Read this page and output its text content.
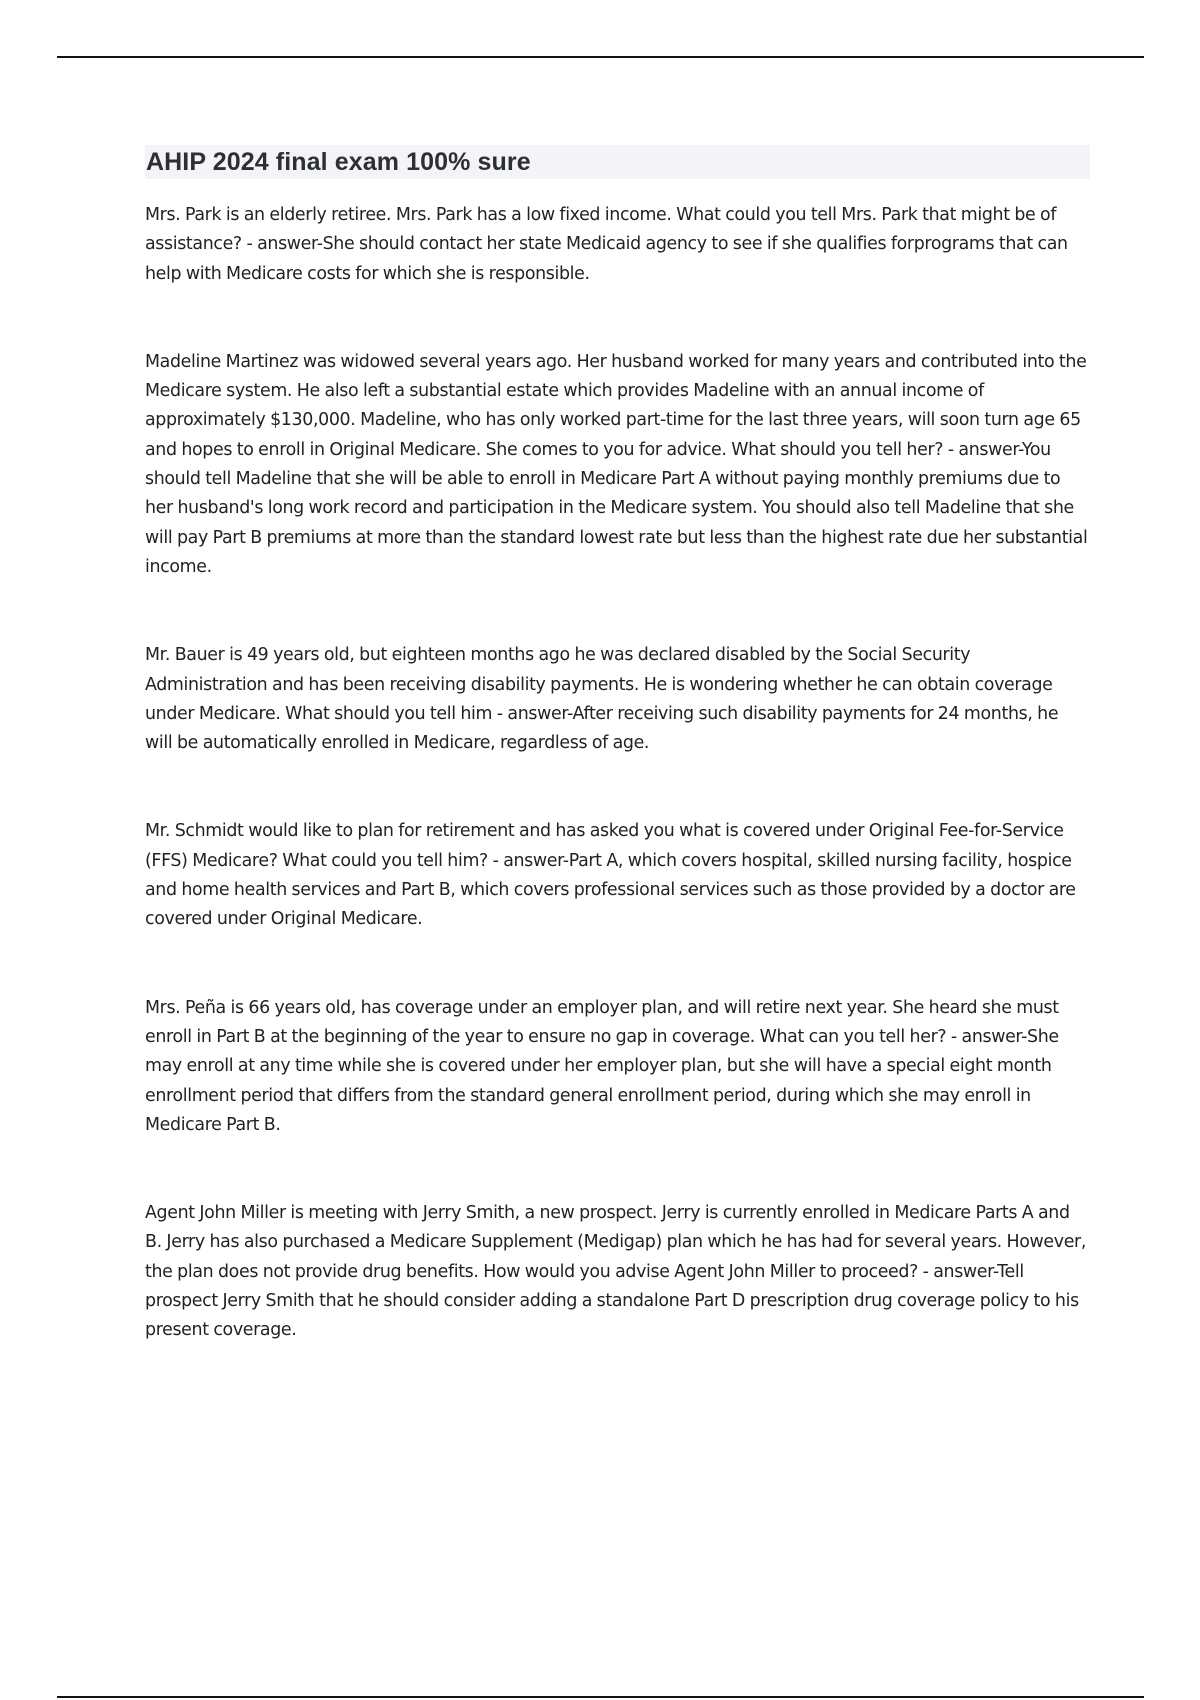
AHIP 2024 final exam 100% sure

Mrs. Park is an elderly retiree. Mrs. Park has a low fixed income. What could you tell Mrs. Park that might be of assistance? - answer-She should contact her state Medicaid agency to see if she qualifies forprograms that can help with Medicare costs for which she is responsible.

Madeline Martinez was widowed several years ago. Her husband worked for many years and contributed into the Medicare system. He also left a substantial estate which provides Madeline with an annual income of approximately $130,000. Madeline, who has only worked part-time for the last three years, will soon turn age 65 and hopes to enroll in Original Medicare. She comes to you for advice. What should you tell her? - answer-You should tell Madeline that she will be able to enroll in Medicare Part A without paying monthly premiums due to her husband's long work record and participation in the Medicare system. You should also tell Madeline that she will pay Part B premiums at more than the standard lowest rate but less than the highest rate due her substantial income.

Mr. Bauer is 49 years old, but eighteen months ago he was declared disabled by the Social Security Administration and has been receiving disability payments. He is wondering whether he can obtain coverage under Medicare. What should you tell him - answer-After receiving such disability payments for 24 months, he will be automatically enrolled in Medicare, regardless of age.

Mr. Schmidt would like to plan for retirement and has asked you what is covered under Original Fee-for-Service (FFS) Medicare? What could you tell him? - answer-Part A, which covers hospital, skilled nursing facility, hospice and home health services and Part B, which covers professional services such as those provided by a doctor are covered under Original Medicare.

Mrs. Peña is 66 years old, has coverage under an employer plan, and will retire next year. She heard she must enroll in Part B at the beginning of the year to ensure no gap in coverage. What can you tell her? - answer-She may enroll at any time while she is covered under her employer plan, but she will have a special eight month enrollment period that differs from the standard general enrollment period, during which she may enroll in Medicare Part B.

Agent John Miller is meeting with Jerry Smith, a new prospect. Jerry is currently enrolled in Medicare Parts A and B. Jerry has also purchased a Medicare Supplement (Medigap) plan which he has had for several years. However, the plan does not provide drug benefits. How would you advise Agent John Miller to proceed? - answer-Tell prospect Jerry Smith that he should consider adding a standalone Part D prescription drug coverage policy to his present coverage.
